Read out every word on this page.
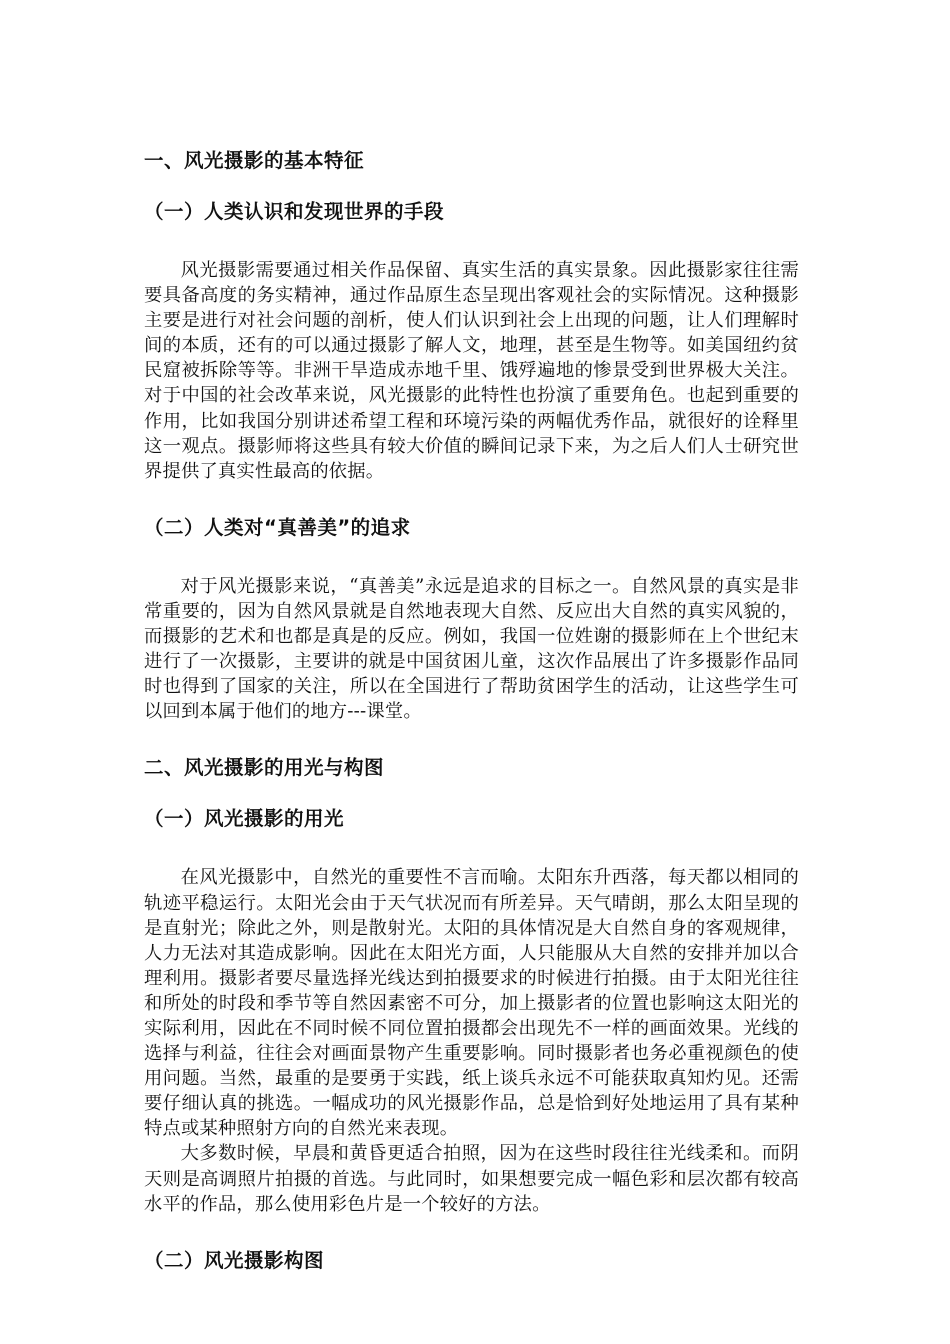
一、风光摄影的基本特征
（一）人类认识和发现世界的手段

风光摄影需要通过相关作品保留、真实生活的真实景象。因此摄影家往往需要具备高度的务实精神，通过作品原生态呈现出客观社会的实际情况。这种摄影主要是进行对社会问题的剖析，使人们认识到社会上出现的问题，让人们理解时间的本质，还有的可以通过摄影了解人文，地理，甚至是生物等。如美国纽约贫民窟被拆除等等。非洲干旱造成赤地千里、饿殍遍地的惨景受到世界极大关注。对于中国的社会改革来说，风光摄影的此特性也扮演了重要角色。也起到重要的作用，比如我国分别讲述希望工程和环境污染的两幅优秀作品，就很好的诠释里这一观点。摄影师将这些具有较大价值的瞬间记录下来，为之后人们人士研究世界提供了真实性最高的依据。

（二）人类对“真善美”的追求

对于风光摄影来说，“真善美”永远是追求的目标之一。自然风景的真实是非常重要的，因为自然风景就是自然地表现大自然、反应出大自然的真实风貌的，而摄影的艺术和也都是真是的反应。例如，我国一位姓谢的摄影师在上个世纪末进行了一次摄影，主要讲的就是中国贫困儿童，这次作品展出了许多摄影作品同时也得到了国家的关注，所以在全国进行了帮助贫困学生的活动，让这些学生可以回到本属于他们的地方---课堂。

二、风光摄影的用光与构图
（一）风光摄影的用光

在风光摄影中，自然光的重要性不言而喻。太阳东升西落，每天都以相同的轨迹平稳运行。太阳光会由于天气状况而有所差异。天气晴朗，那么太阳呈现的是直射光；除此之外，则是散射光。太阳的具体情况是大自然自身的客观规律，人力无法对其造成影响。因此在太阳光方面，人只能服从大自然的安排并加以合理利用。摄影者要尽量选择光线达到拍摄要求的时候进行拍摄。由于太阳光往往和所处的时段和季节等自然因素密不可分，加上摄影者的位置也影响这太阳光的实际利用，因此在不同时候不同位置拍摄都会出现先不一样的画面效果。光线的选择与利益，往往会对画面景物产生重要影响。同时摄影者也务必重视颜色的使用问题。当然，最重的是要勇于实践，纸上谈兵永远不可能获取真知灼见。还需要仔细认真的挑选。一幅成功的风光摄影作品，总是恰到好处地运用了具有某种特点或某种照射方向的自然光来表现。

大多数时候，早晨和黄昏更适合拍照，因为在这些时段往往光线柔和。而阴天则是高调照片拍摄的首选。与此同时，如果想要完成一幅色彩和层次都有较高水平的作品，那么使用彩色片是一个较好的方法。

（二）风光摄影构图
